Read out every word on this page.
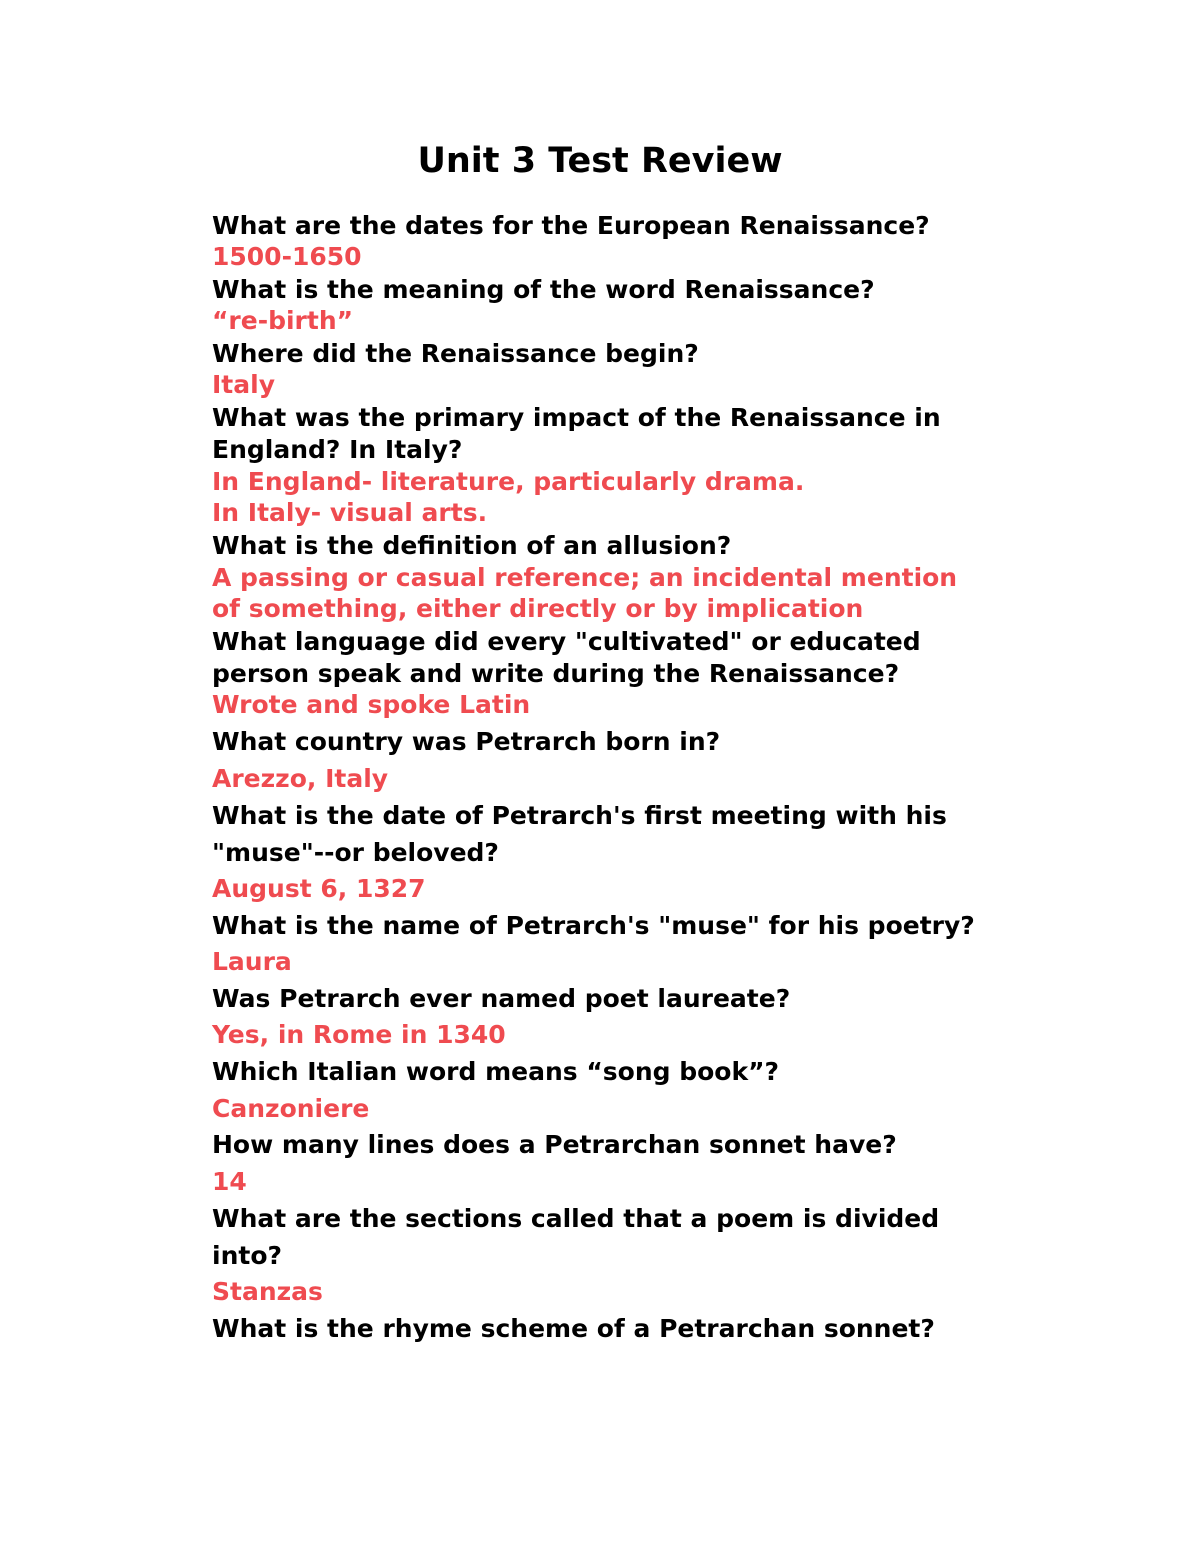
Unit 3 Test Review

What are the dates for the European Renaissance?

1500-1650

What is the meaning of the word Renaissance?

“re-birth”

Where did the Renaissance begin?

Italy

What was the primary impact of the Renaissance in

England? In Italy?

In England- literature, particularly drama.

In Italy- visual arts.

What is the definition of an allusion?

A passing or casual reference; an incidental mention

of something, either directly or by implication

What language did every "cultivated" or educated

person speak and write during the Renaissance?

Wrote and spoke Latin

What country was Petrarch born in?

Arezzo, Italy

What is the date of Petrarch's first meeting with his

"muse"--or beloved?

August 6, 1327

What is the name of Petrarch's "muse" for his poetry?

Laura

Was Petrarch ever named poet laureate?

Yes, in Rome in 1340

Which Italian word means “song book”?

Canzoniere

How many lines does a Petrarchan sonnet have?

14

What are the sections called that a poem is divided

into?

Stanzas

What is the rhyme scheme of a Petrarchan sonnet?
